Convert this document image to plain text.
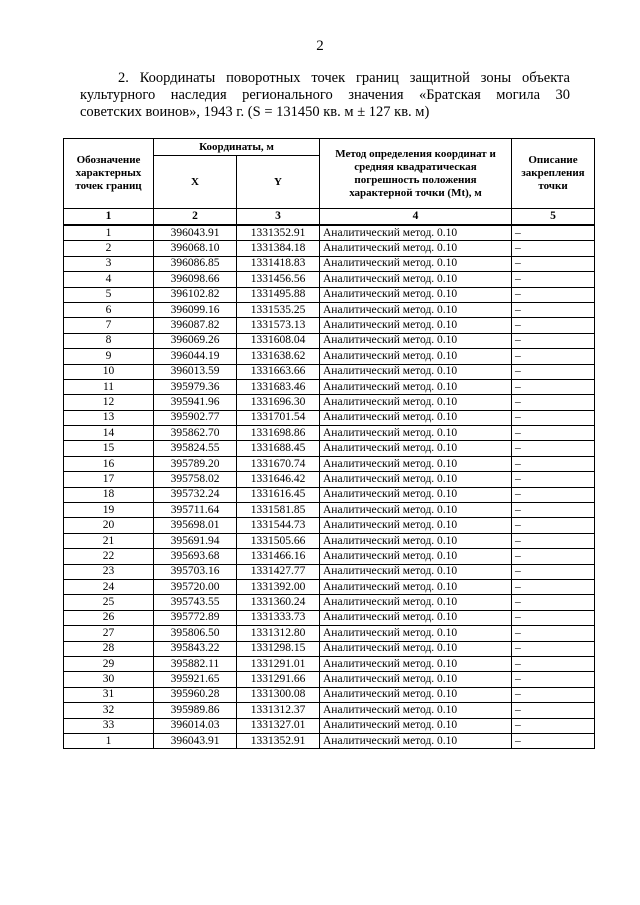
2
2. Координаты поворотных точек границ защитной зоны объекта
культурного наследия регионального значения «Братская могила 30
советских воинов», 1943 г. (S = 131450 кв. м ± 127 кв. м)
Обозначение характерных точек границ	Координаты, м		Метод определения координат и средняя квадратическая погрешность положения характерной точки (Мt), м	Описание закрепления точки
	X	Y		
1	2	3	4	5
1	396043.91	1331352.91	Аналитический метод. 0.10	–
2	396068.10	1331384.18	Аналитический метод. 0.10	–
3	396086.85	1331418.83	Аналитический метод. 0.10	–
4	396098.66	1331456.56	Аналитический метод. 0.10	–
5	396102.82	1331495.88	Аналитический метод. 0.10	–
6	396099.16	1331535.25	Аналитический метод. 0.10	–
7	396087.82	1331573.13	Аналитический метод. 0.10	–
8	396069.26	1331608.04	Аналитический метод. 0.10	–
9	396044.19	1331638.62	Аналитический метод. 0.10	–
10	396013.59	1331663.66	Аналитический метод. 0.10	–
11	395979.36	1331683.46	Аналитический метод. 0.10	–
12	395941.96	1331696.30	Аналитический метод. 0.10	–
13	395902.77	1331701.54	Аналитический метод. 0.10	–
14	395862.70	1331698.86	Аналитический метод. 0.10	–
15	395824.55	1331688.45	Аналитический метод. 0.10	–
16	395789.20	1331670.74	Аналитический метод. 0.10	–
17	395758.02	1331646.42	Аналитический метод. 0.10	–
18	395732.24	1331616.45	Аналитический метод. 0.10	–
19	395711.64	1331581.85	Аналитический метод. 0.10	–
20	395698.01	1331544.73	Аналитический метод. 0.10	–
21	395691.94	1331505.66	Аналитический метод. 0.10	–
22	395693.68	1331466.16	Аналитический метод. 0.10	–
23	395703.16	1331427.77	Аналитический метод. 0.10	–
24	395720.00	1331392.00	Аналитический метод. 0.10	–
25	395743.55	1331360.24	Аналитический метод. 0.10	–
26	395772.89	1331333.73	Аналитический метод. 0.10	–
27	395806.50	1331312.80	Аналитический метод. 0.10	–
28	395843.22	1331298.15	Аналитический метод. 0.10	–
29	395882.11	1331291.01	Аналитический метод. 0.10	–
30	395921.65	1331291.66	Аналитический метод. 0.10	–
31	395960.28	1331300.08	Аналитический метод. 0.10	–
32	395989.86	1331312.37	Аналитический метод. 0.10	–
33	396014.03	1331327.01	Аналитический метод. 0.10	–
1	396043.91	1331352.91	Аналитический метод. 0.10	–
